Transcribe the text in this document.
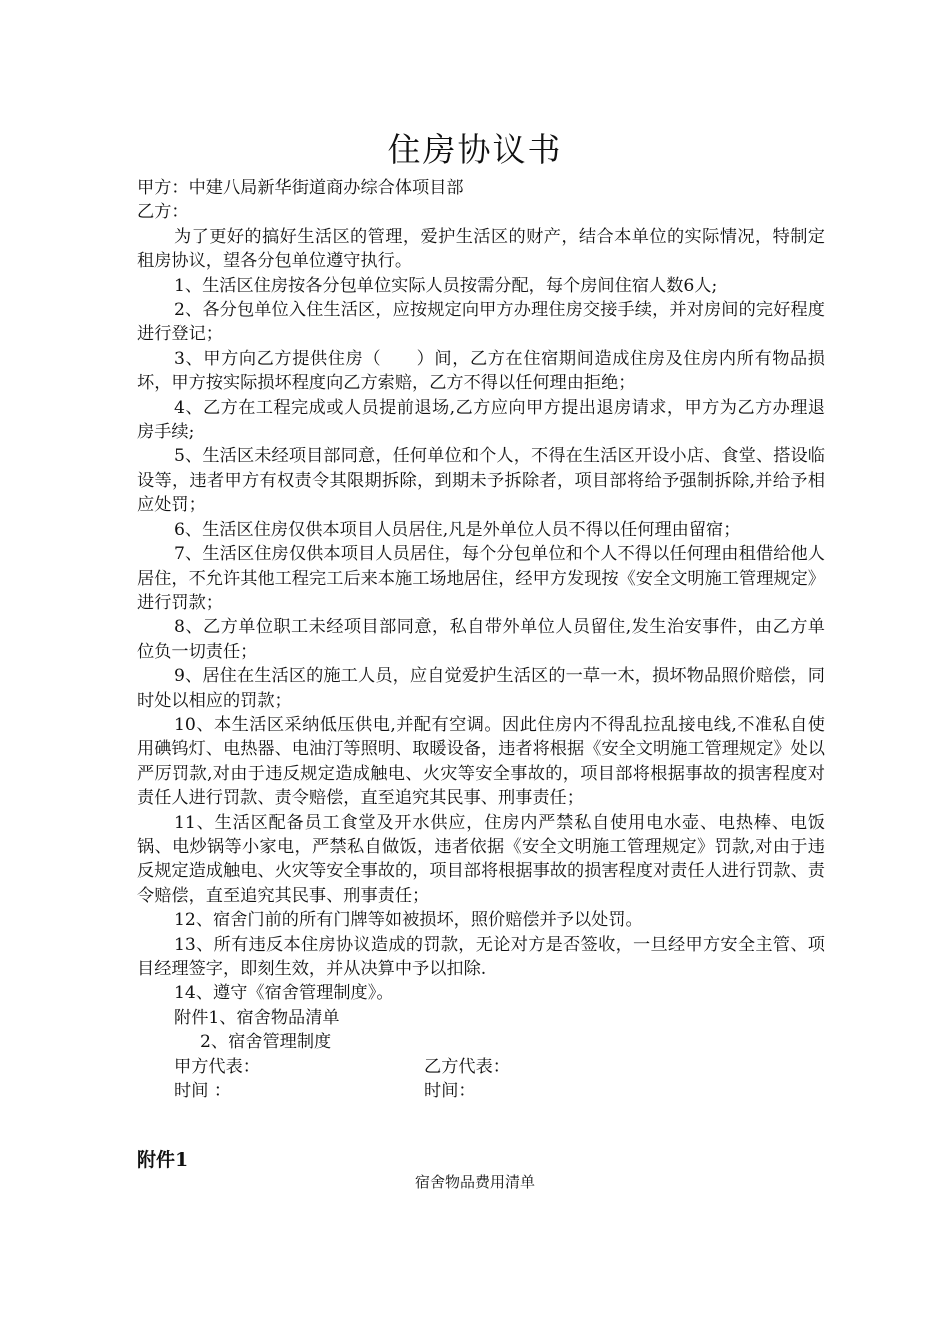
住房协议书

甲方：中建八局新华街道商办综合体项目部

乙方：

为了更好的搞好生活区的管理，爱护生活区的财产，结合本单位的实际情况，特制定租房协议，望各分包单位遵守执行。

1、生活区住房按各分包单位实际人员按需分配，每个房间住宿人数6人;

2、各分包单位入住生活区，应按规定向甲方办理住房交接手续，并对房间的完好程度进行登记；

3、甲方向乙方提供住房（　　）间，乙方在住宿期间造成住房及住房内所有物品损坏，甲方按实际损坏程度向乙方索赔，乙方不得以任何理由拒绝；

4、乙方在工程完成或人员提前退场,乙方应向甲方提出退房请求，甲方为乙方办理退房手续;

5、生活区未经项目部同意，任何单位和个人，不得在生活区开设小店、食堂、搭设临设等，违者甲方有权责令其限期拆除，到期未予拆除者，项目部将给予强制拆除,并给予相应处罚；

6、生活区住房仅供本项目人员居住,凡是外单位人员不得以任何理由留宿；

7、生活区住房仅供本项目人员居住，每个分包单位和个人不得以任何理由租借给他人居住，不允许其他工程完工后来本施工场地居住，经甲方发现按《安全文明施工管理规定》进行罚款；

8、乙方单位职工未经项目部同意，私自带外单位人员留住,发生治安事件，由乙方单位负一切责任；

9、居住在生活区的施工人员，应自觉爱护生活区的一草一木，损坏物品照价赔偿，同时处以相应的罚款；

10、本生活区采纳低压供电,并配有空调。因此住房内不得乱拉乱接电线,不准私自使用碘钨灯、电热器、电油汀等照明、取暖设备，违者将根据《安全文明施工管理规定》处以严厉罚款,对由于违反规定造成触电、火灾等安全事故的，项目部将根据事故的损害程度对责任人进行罚款、责令赔偿，直至追究其民事、刑事责任；

11、生活区配备员工食堂及开水供应，住房内严禁私自使用电水壶、电热棒、电饭锅、电炒锅等小家电，严禁私自做饭，违者依据《安全文明施工管理规定》罚款,对由于违反规定造成触电、火灾等安全事故的，项目部将根据事故的损害程度对责任人进行罚款、责令赔偿，直至追究其民事、刑事责任；

12、宿舍门前的所有门牌等如被损坏，照价赔偿并予以处罚。

13、所有违反本住房协议造成的罚款，无论对方是否签收，一旦经甲方安全主管、项目经理签字，即刻生效，并从决算中予以扣除.

14、遵守《宿舍管理制度》。

附件1、宿舍物品清单

2、宿舍管理制度

甲方代表：	乙方代表：
时间 ：	时间：
附件1
宿舍物品费用清单
